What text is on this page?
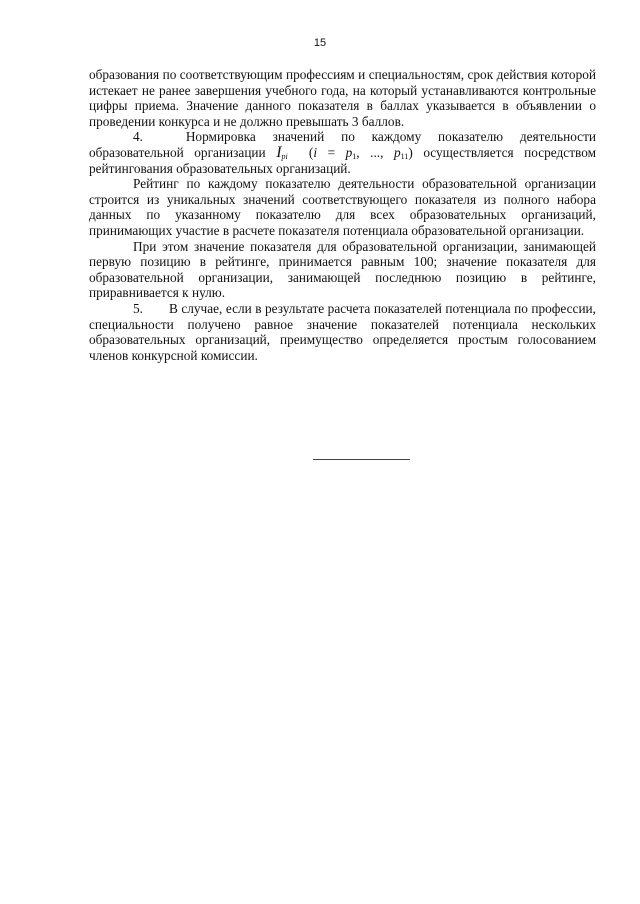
15

образования по соответствующим профессиям и специальностям, срок действия которой истекает не ранее завершения учебного года, на который устанавливаются контрольные цифры приема. Значение данного показателя в баллах указывается в объявлении о проведении конкурса и не должно превышать 3 баллов.

4.	Нормировка значений по каждому показателю деятельности образовательной организации $I_{pi}$ ($i = p_1$, ..., $p_{11}$) осуществляется посредством рейтингования образовательных организаций.

Рейтинг по каждому показателю деятельности образовательной организации строится из уникальных значений соответствующего показателя из полного набора данных по указанному показателю для всех образовательных организаций, принимающих участие в расчете показателя потенциала образовательной организации.

При этом значение показателя для образовательной организации, занимающей первую позицию в рейтинге, принимается равным 100; значение показателя для образовательной организации, занимающей последнюю позицию в рейтинге, приравнивается к нулю.

5. В случае, если в результате расчета показателей потенциала по профессии, специальности получено равное значение показателей потенциала нескольких образовательных организаций, преимущество определяется простым голосованием членов конкурсной комиссии.
